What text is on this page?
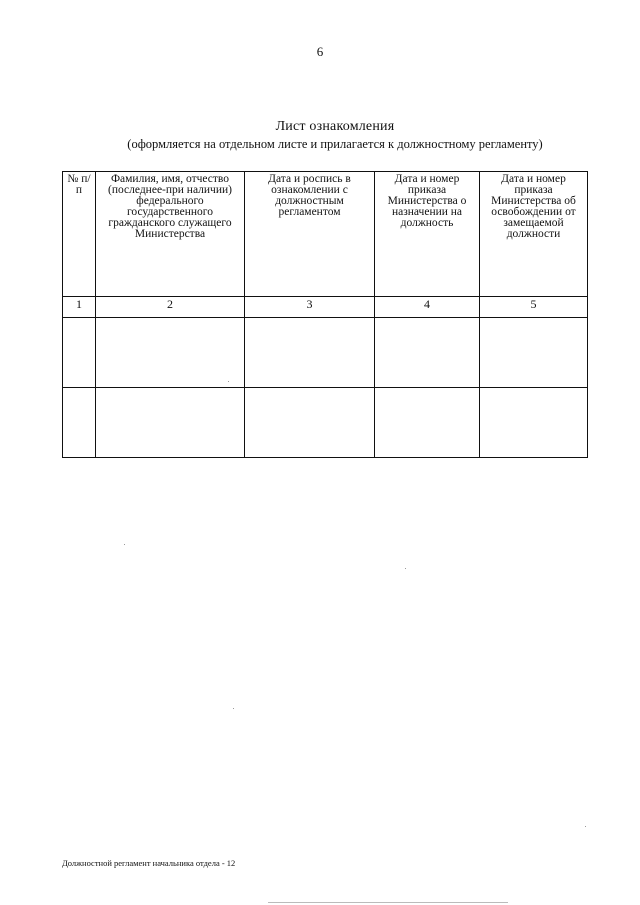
6
Лист ознакомления
(оформляется на отдельном листе и прилагается к должностному регламенту)
№ п/п	Фамилия, имя, отчество (последнее-при наличии) федерального государственного гражданского служащего Министерства	Дата и роспись в ознакомлении с должностным регламентом	Дата и номер приказа Министерства о назначении на должность	Дата и номер приказа Министерства об освобождении от замещаемой должности
1	2	3	4	5

Должностной регламент начальника отдела - 12
